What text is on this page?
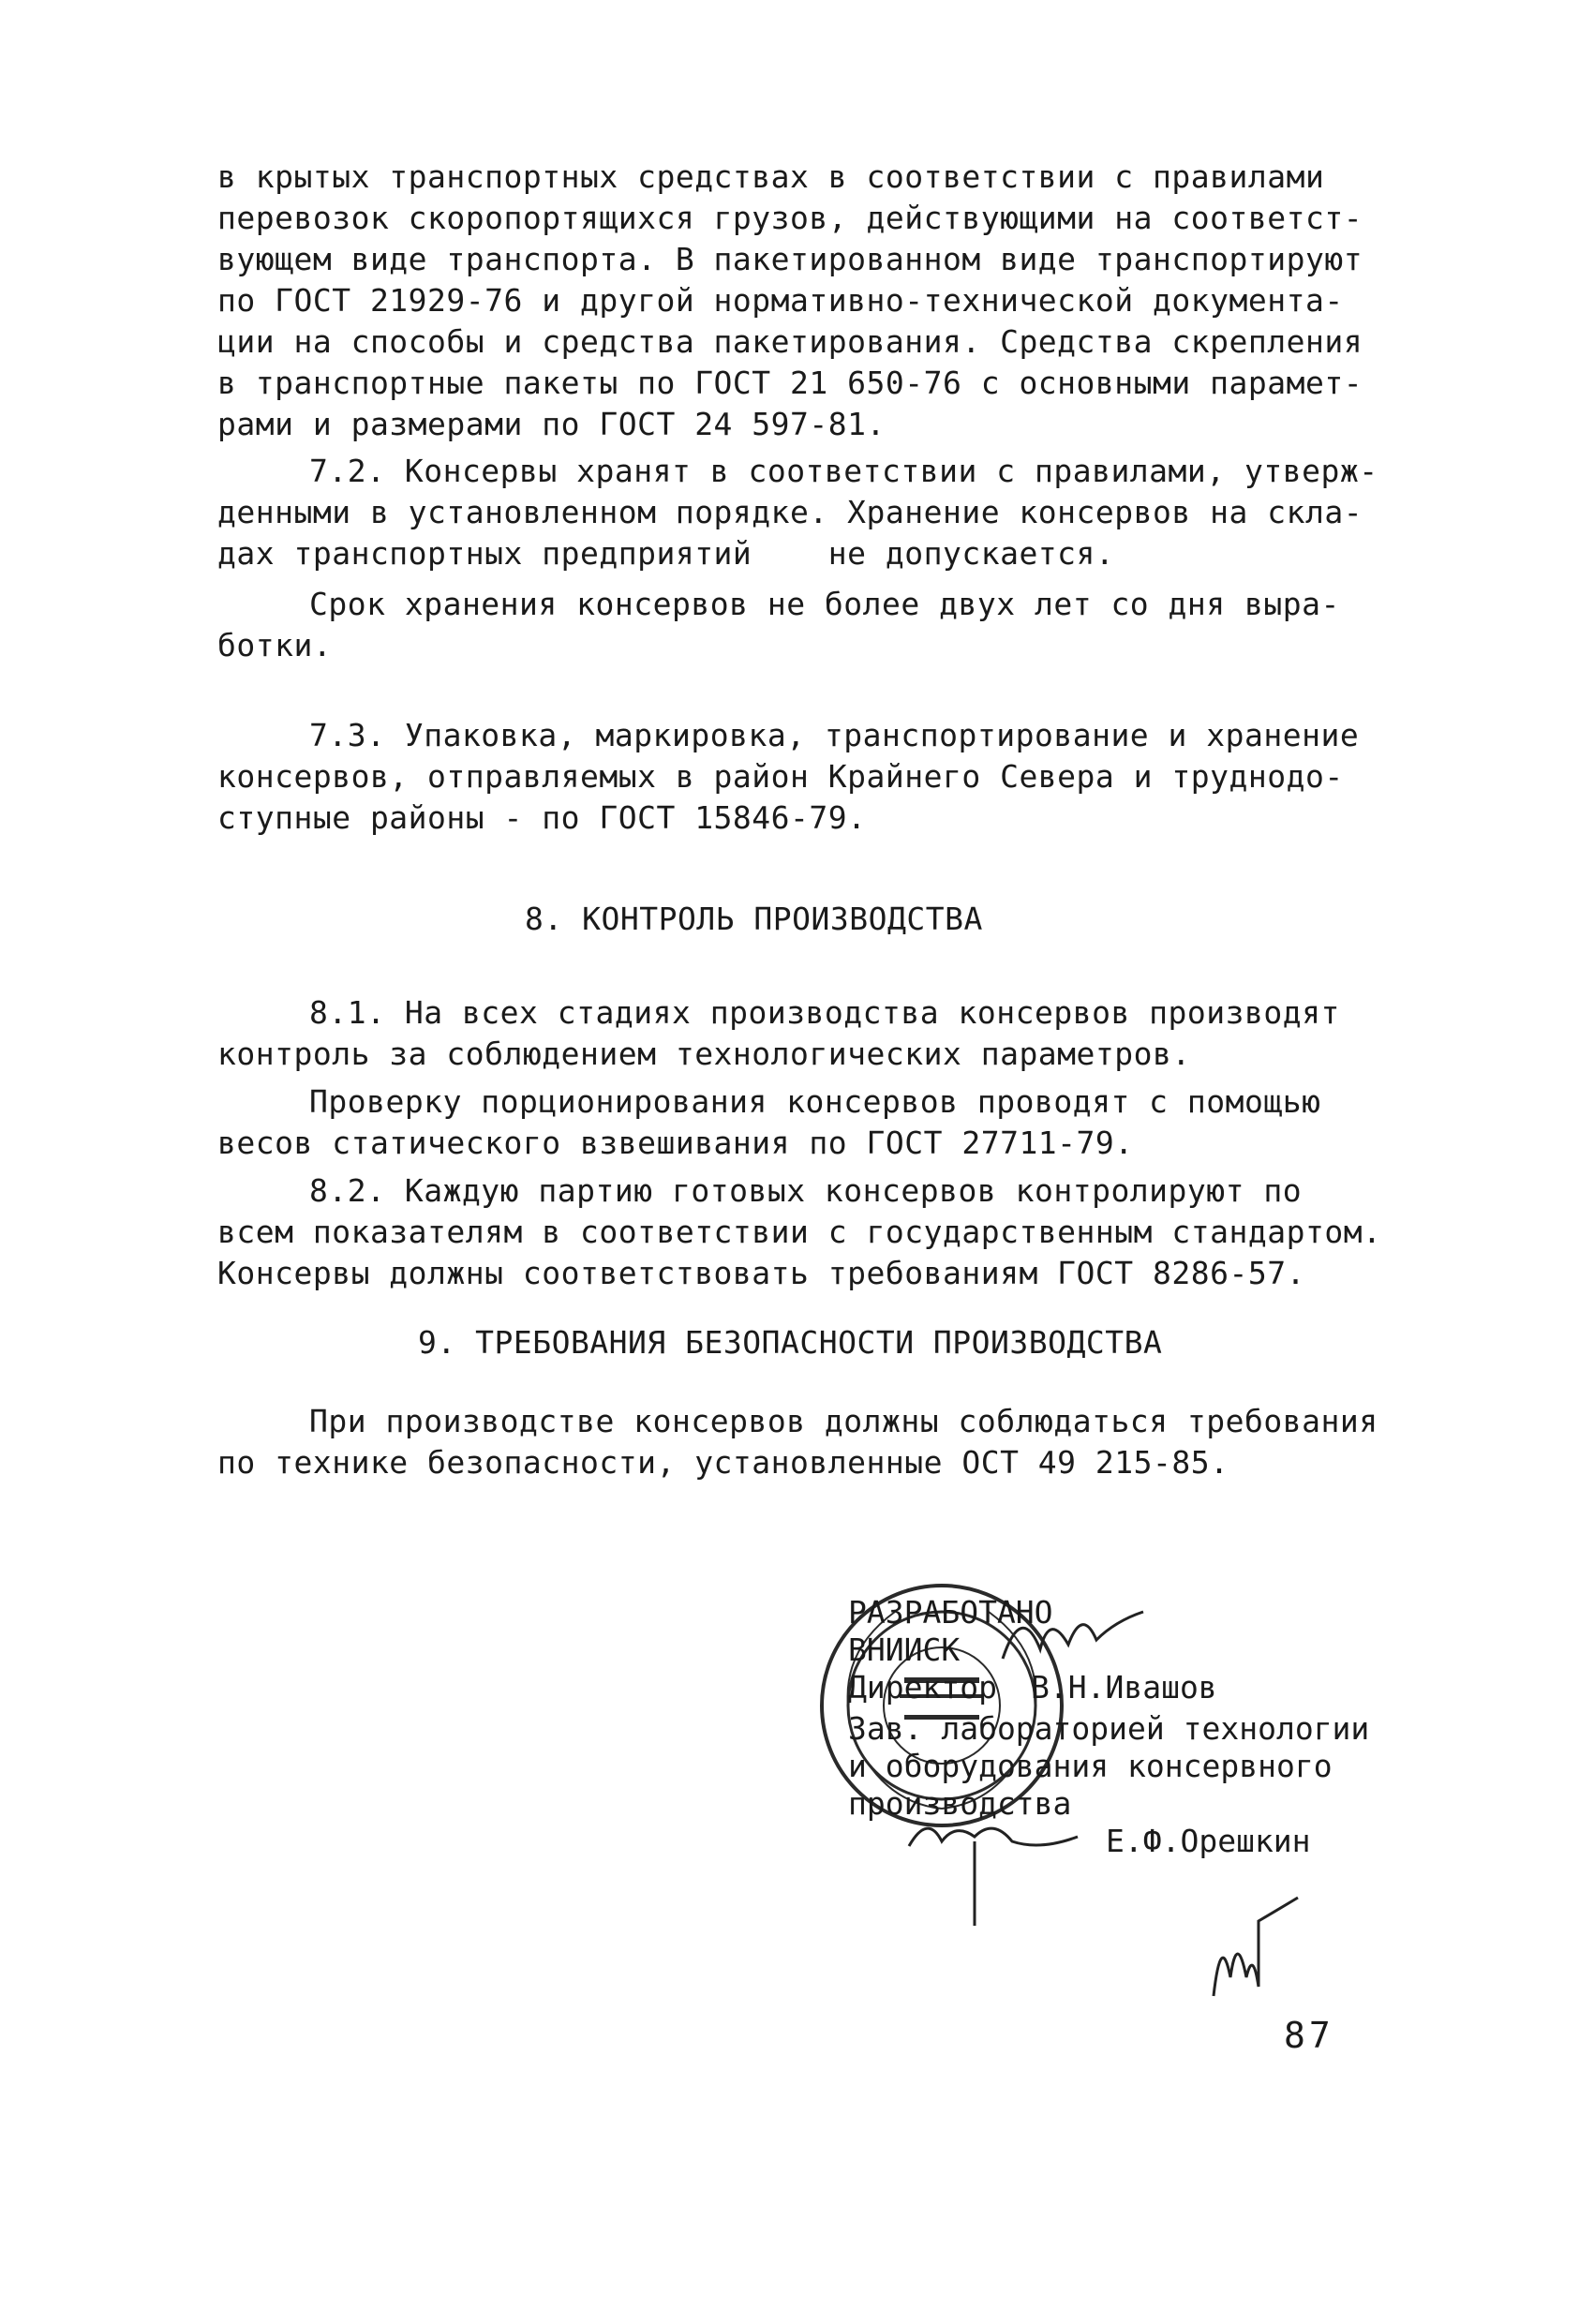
в крытых транспортных средствах в соответствии с правилами
перевозок скоропортящихся грузов, действующими на соответст-
вующем виде транспорта. В пакетированном виде транспортируют
по ГОСТ 21929-76 и другой нормативно-технической документа-
ции на способы и средства пакетирования. Средства скрепления
в транспортные пакеты по ГОСТ 21 650-76 с основными парамет-
рами и размерами по ГОСТ 24 597-81.
7.2. Консервы хранят в соответствии с правилами, утверж-
денными в установленном порядке. Хранение консервов на скла-
дах транспортных предприятий    не допускается.
Срок хранения консервов не более двух лет со дня выра-
ботки.
7.3. Упаковка, маркировка, транспортирование и хранение
консервов, отправляемых в район Крайнего Севера и труднодо-
ступные районы - по ГОСТ 15846-79.
8. КОНТРОЛЬ ПРОИЗВОДСТВА
8.1. На всех стадиях производства консервов производят
контроль за соблюдением технологических параметров.
Проверку порционирования консервов проводят с помощью
весов статического взвешивания по ГОСТ 27711-79.
8.2. Каждую партию готовых консервов контролируют по
всем показателям в соответствии с государственным стандартом.
Консервы должны соответствовать требованиям ГОСТ 8286-57.
9. ТРЕБОВАНИЯ БЕЗОПАСНОСТИ ПРОИЗВОДСТВА
При производстве консервов должны соблюдаться требования
по технике безопасности, установленные ОСТ 49 215-85.
РАЗРАБОТАНО
ВНИИСК
Директор В.Н.Ивашов
Зав. лабораторией технологии
и оборудования консервного
производства
Е.Ф.Орешкин
87
